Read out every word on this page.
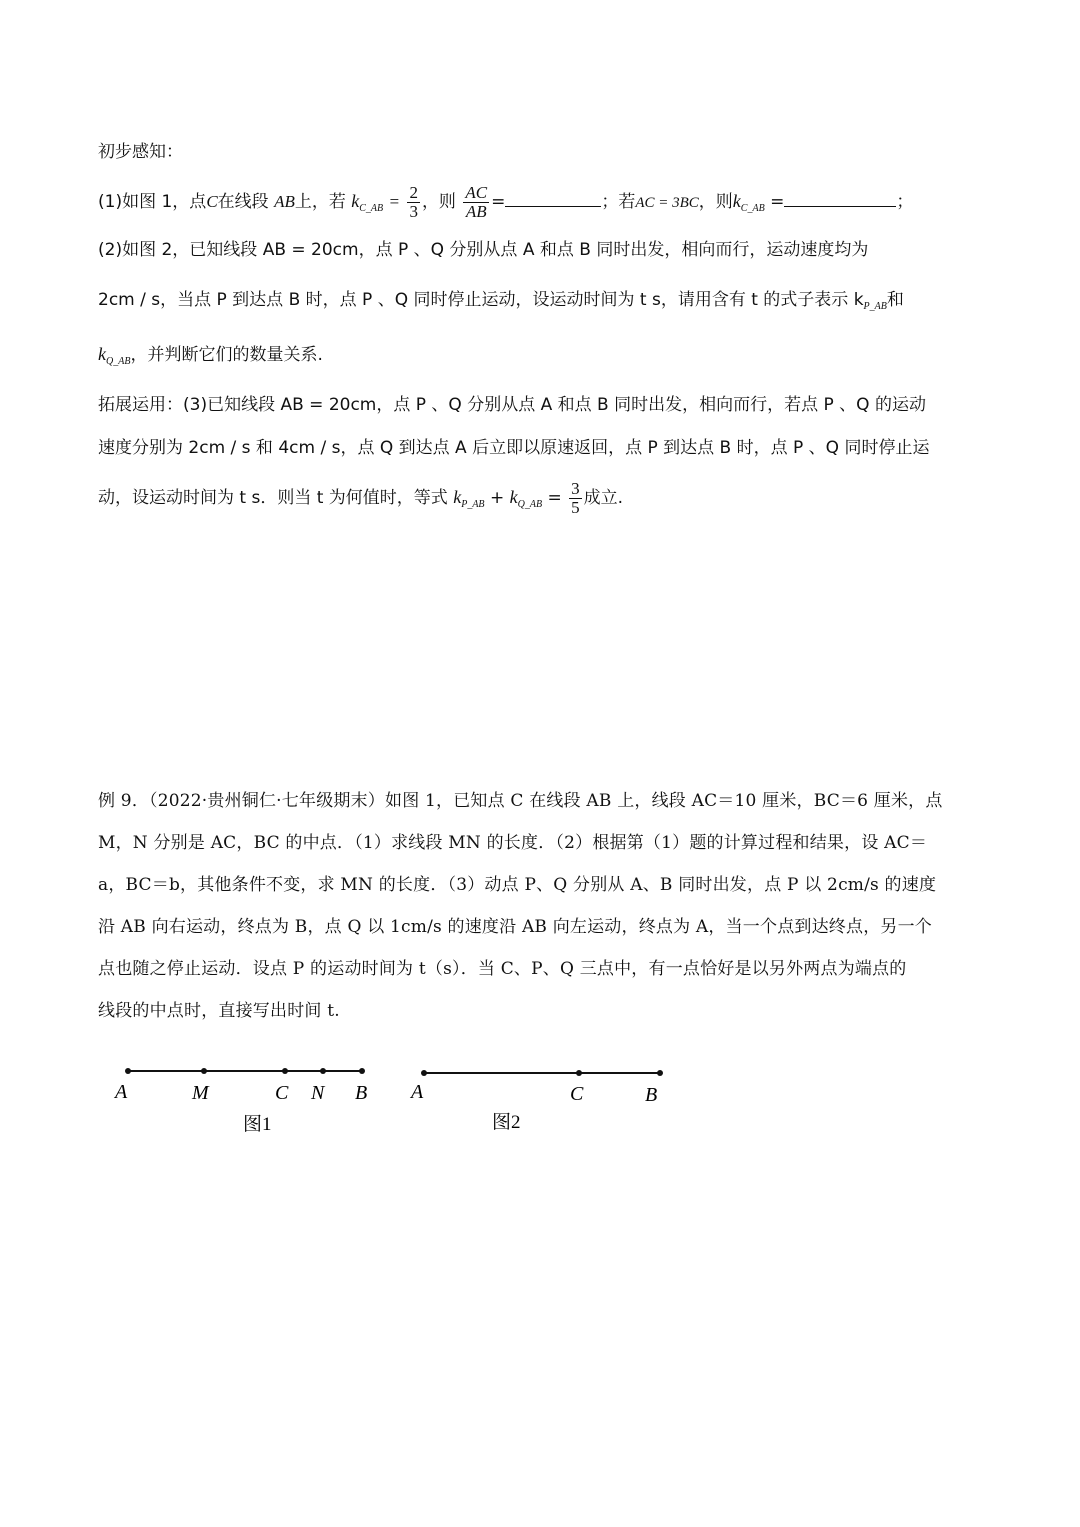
初步感知：
(1)如图 1，点C在线段 AB上，若 $k_{C\_AB} = \frac{2}{3}$ ，则 $\frac{AC}{AB}$ =	；若AC = 3BC，则$k_{C\_AB}$ =	；
(2)如图 2，已知线段 AB = 20cm，点 P 、Q 分别从点 A 和点 B 同时出发，相向而行，运动速度均为
2cm / s，当点 P 到达点 B 时，点 P 、Q 同时停止运动，设运动时间为 t s，请用含有 t 的式子表示 $k_{P\_AB}$和
$k_{Q\_AB}$，并判断它们的数量关系.
拓展运用：(3)已知线段 AB = 20cm，点 P 、Q 分别从点 A 和点 B 同时出发，相向而行，若点 P 、Q 的运动
速度分别为 2cm / s 和 4cm / s，点 Q 到达点 A 后立即以原速返回，点 P 到达点 B 时，点 P 、Q 同时停止运
动，设运动时间为 t s．则当 t 为何值时，等式 $k_{P\_AB} + k_{Q\_AB} = \frac{3}{5}$ 成立.

例 9．（2022·贵州铜仁·七年级期末）如图 1，已知点 C 在线段 AB 上，线段 AC＝10 厘米，BC＝6 厘米，点

M，N 分别是 AC，BC 的中点．（1）求线段 MN 的长度．（2）根据第（1）题的计算过程和结果，设 AC＝

a，BC＝b，其他条件不变，求 MN 的长度．（3）动点 P、Q 分别从 A、B 同时出发，点 P 以 2cm/s 的速度

沿 AB 向右运动，终点为 B，点 Q 以 1cm/s 的速度沿 AB 向左运动，终点为 A，当一个点到达终点，另一个

点也随之停止运动．设点 P 的运动时间为 t（s）．当 C、P、Q 三点中，有一点恰好是以另外两点为端点的

线段的中点时，直接写出时间 t.

A	M	C N B
图1
A	C	B
图2
